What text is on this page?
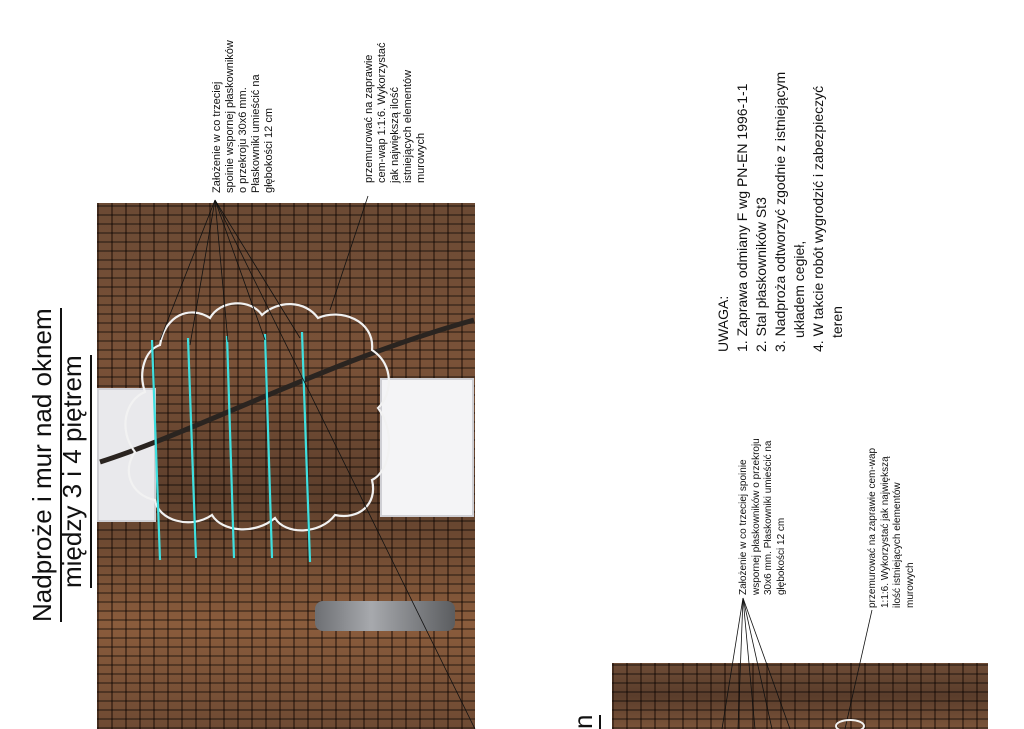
Nadproże i mur nad oknem między 3 i 4 piętrem
n
Założenie w co trzeciej spoinie wspornej płaskowników o przekroju 30x6 mm. Płaskowniki umieścić na głębokości 12 cm	przemurować na zaprawie cem-wap 1:1:6. Wykorzystać jak największą ilość istniejących elementów murowych
Założenie w co trzeciej spoinie wspornej płaskowników o przekroju 30x6 mm. Płaskowniki umieścić na głębokości 12 cm	przemurować na zaprawie cem-wap 1:1:6. Wykorzystać jak największą ilość istniejących elementów murowych
UWAGA: 1. Zaprawa odmiany F wg PN-EN 1996-1-1 2. Stal płaskowników St3 3. Nadproża odtworzyć zgodnie z istniejącym układem cegieł, 4. W takcie robót wygrodzić i zabezpieczyć teren
